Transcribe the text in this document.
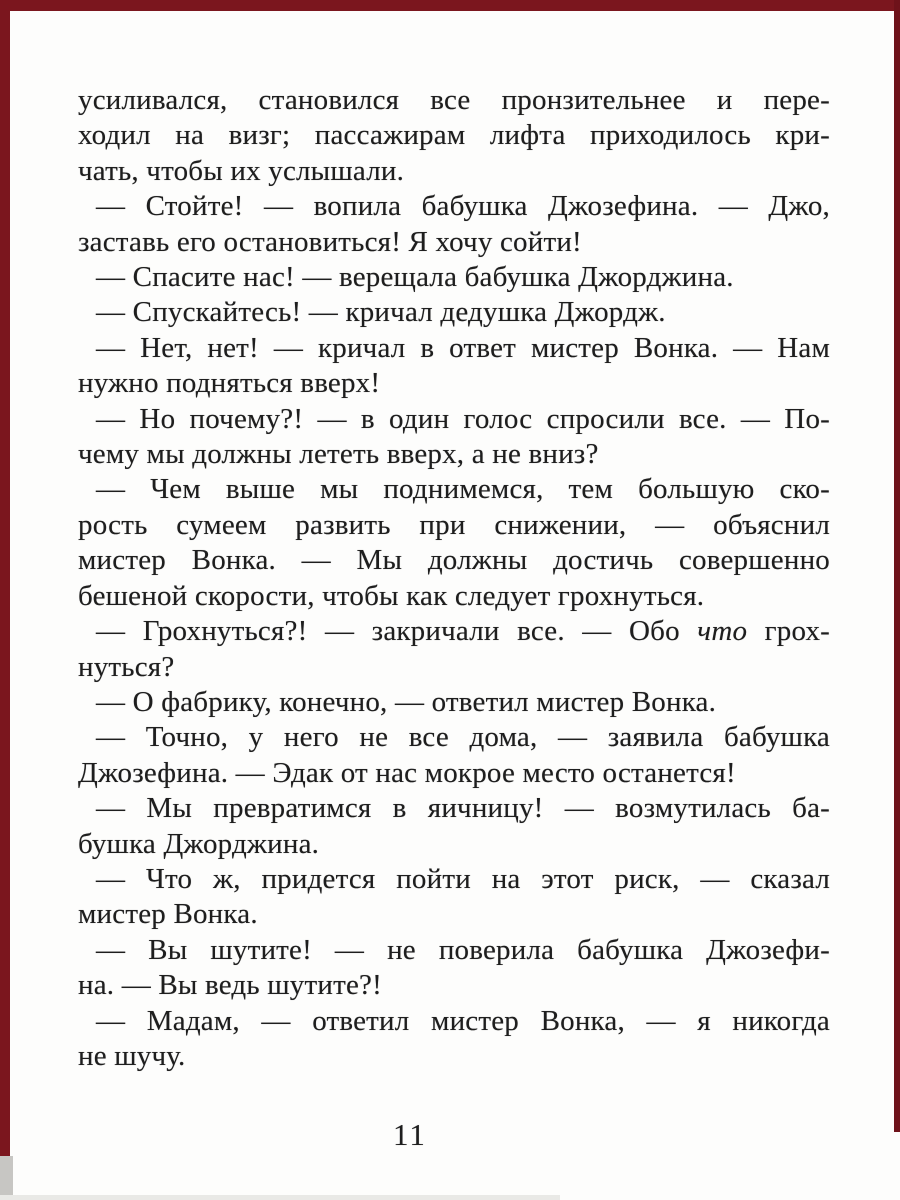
усиливался, становился все пронзительнее и пере-
ходил на визг; пассажирам лифта приходилось кри-
чать, чтобы их услышали.
— Стойте! — вопила бабушка Джозефина. — Джо,
заставь его остановиться! Я хочу сойти!
— Спасите нас! — верещала бабушка Джорджина.
— Спускайтесь! — кричал дедушка Джордж.
— Нет, нет! — кричал в ответ мистер Вонка. — Нам
нужно подняться вверх!
— Но почему?! — в один голос спросили все. — По-
чему мы должны лететь вверх, а не вниз?
— Чем выше мы поднимемся, тем большую ско-
рость сумеем развить при снижении, — объяснил
мистер Вонка. — Мы должны достичь совершенно
бешеной скорости, чтобы как следует грохнуться.
— Грохнуться?! — закричали все. — Обо что грох-
нуться?
— О фабрику, конечно, — ответил мистер Вонка.
— Точно, у него не все дома, — заявила бабушка
Джозефина. — Эдак от нас мокрое место останется!
— Мы превратимся в яичницу! — возмутилась ба-
бушка Джорджина.
— Что ж, придется пойти на этот риск, — сказал
мистер Вонка.
— Вы шутите! — не поверила бабушка Джозефи-
на. — Вы ведь шутите?!
— Мадам, — ответил мистер Вонка, — я никогда
не шучу.
11
